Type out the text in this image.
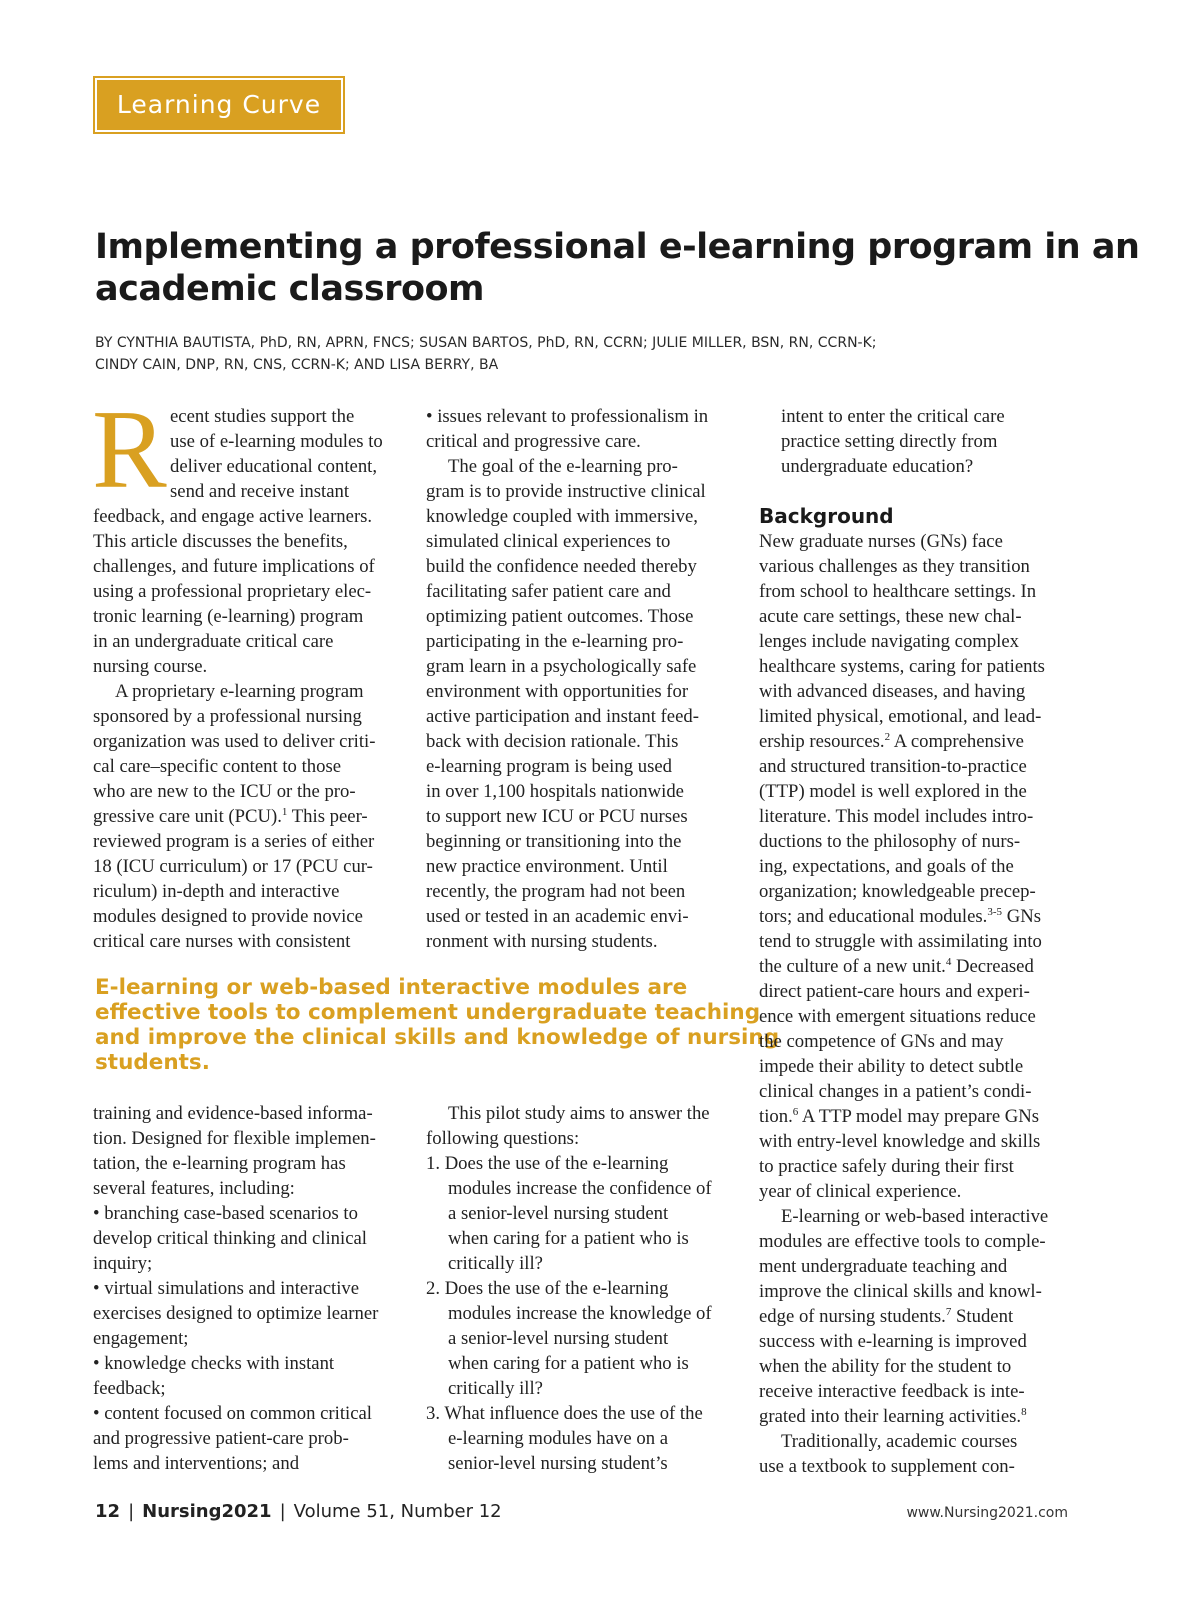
Learning Curve
Implementing a professional e-learning program in an
academic classroom
BY CYNTHIA BAUTISTA, PhD, RN, APRN, FNCS; SUSAN BARTOS, PhD, RN, CCRN; JULIE MILLER, BSN, RN, CCRN-K;
CINDY CAIN, DNP, RN, CNS, CCRN-K; AND LISA BERRY, BA
R ecent studies support the
use of e-learning modules to
deliver educational content,
send and receive instant
feedback, and engage active learners.
This article discusses the benefits,
challenges, and future implications of
using a professional proprietary elec-
tronic learning (e-learning) program
in an undergraduate critical care
nursing course.
A proprietary e-learning program
sponsored by a professional nursing
organization was used to deliver criti-
cal care–specific content to those
who are new to the ICU or the pro-
gressive care unit (PCU).$^1$ This peer-
reviewed program is a series of either
18 (ICU curriculum) or 17 (PCU cur-
riculum) in-depth and interactive
modules designed to provide novice
critical care nurses with consistent
• issues relevant to professionalism in
critical and progressive care.
The goal of the e-learning pro-
gram is to provide instructive clinical
knowledge coupled with immersive,
simulated clinical experiences to
build the confidence needed thereby
facilitating safer patient care and
optimizing patient outcomes. Those
participating in the e-learning pro-
gram learn in a psychologically safe
environment with opportunities for
active participation and instant feed-
back with decision rationale. This
e-learning program is being used
in over 1,100 hospitals nationwide
to support new ICU or PCU nurses
beginning or transitioning into the
new practice environment. Until
recently, the program had not been
used or tested in an academic envi-
ronment with nursing students.
E-learning or web-based interactive modules are
effective tools to complement undergraduate teaching
and improve the clinical skills and knowledge of nursing
students.
training and evidence-based informa-
tion. Designed for flexible implemen-
tation, the e-learning program has
several features, including:
• branching case-based scenarios to
develop critical thinking and clinical
inquiry;
• virtual simulations and interactive
exercises designed to optimize learner
engagement;
• knowledge checks with instant
feedback;
• content focused on common critical
and progressive patient-care prob-
lems and interventions; and
This pilot study aims to answer the
following questions:
1. Does the use of the e-learning
modules increase the confidence of
a senior-level nursing student
when caring for a patient who is
critically ill?
2. Does the use of the e-learning
modules increase the knowledge of
a senior-level nursing student
when caring for a patient who is
critically ill?
3. What influence does the use of the
e-learning modules have on a
senior-level nursing student’s
intent to enter the critical care
practice setting directly from
undergraduate education?
Background
New graduate nurses (GNs) face
various challenges as they transition
from school to healthcare settings. In
acute care settings, these new chal-
lenges include navigating complex
healthcare systems, caring for patients
with advanced diseases, and having
limited physical, emotional, and lead-
ership resources.$^2$ A comprehensive
and structured transition-to-practice
(TTP) model is well explored in the
literature. This model includes intro-
ductions to the philosophy of nurs-
ing, expectations, and goals of the
organization; knowledgeable precep-
tors; and educational modules.$^{3-5}$ GNs
tend to struggle with assimilating into
the culture of a new unit.$^4$ Decreased
direct patient-care hours and experi-
ence with emergent situations reduce
the competence of GNs and may
impede their ability to detect subtle
clinical changes in a patient’s condi-
tion.$^6$ A TTP model may prepare GNs
with entry-level knowledge and skills
to practice safely during their first
year of clinical experience.
E-learning or web-based interactive
modules are effective tools to comple-
ment undergraduate teaching and
improve the clinical skills and knowl-
edge of nursing students.$^7$ Student
success with e-learning is improved
when the ability for the student to
receive interactive feedback is inte-
grated into their learning activities.$^8$
Traditionally, academic courses
use a textbook to supplement con-
12 | Nursing2021 | Volume 51, Number 12	www.Nursing2021.com
